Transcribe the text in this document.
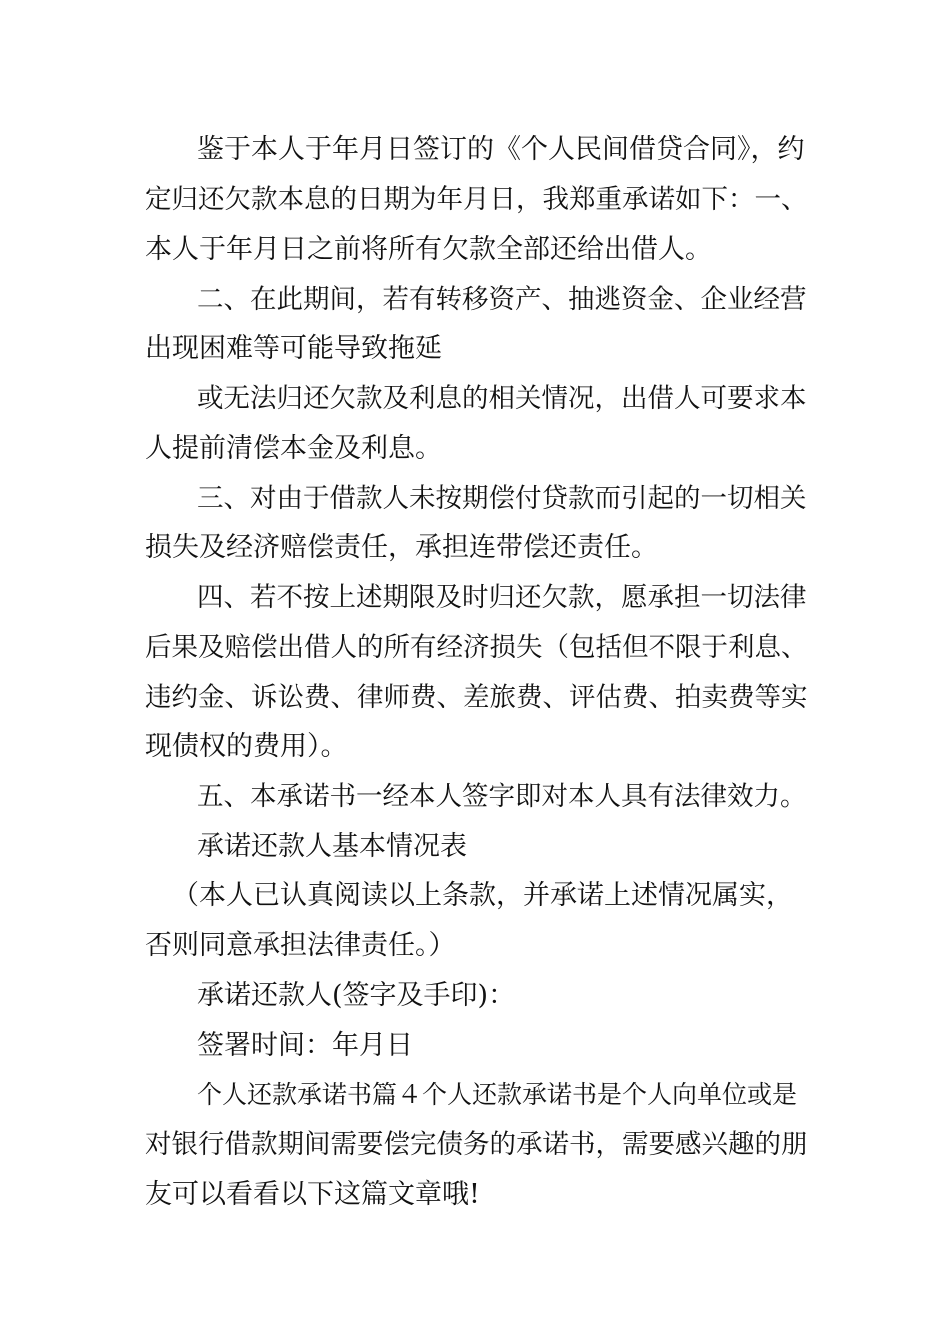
鉴于本人于年月日签订的《个人民间借贷合同》，约
定归还欠款本息的日期为年月日，我郑重承诺如下：一、
本人于年月日之前将所有欠款全部还给出借人。
二、在此期间，若有转移资产、抽逃资金、企业经营
出现困难等可能导致拖延
或无法归还欠款及利息的相关情况，出借人可要求本
人提前清偿本金及利息。
三、对由于借款人未按期偿付贷款而引起的一切相关
损失及经济赔偿责任，承担连带偿还责任。
四、若不按上述期限及时归还欠款，愿承担一切法律
后果及赔偿出借人的所有经济损失（包括但不限于利息、
违约金、诉讼费、律师费、差旅费、评估费、拍卖费等实
现债权的费用）。
五、本承诺书一经本人签字即对本人具有法律效力。
承诺还款人基本情况表
（本人已认真阅读以上条款，并承诺上述情况属实，
否则同意承担法律责任。）
承诺还款人(签字及手印)：
签署时间：年月日
个人还款承诺书篇４个人还款承诺书是个人向单位或是
对银行借款期间需要偿完债务的承诺书，需要感兴趣的朋
友可以看看以下这篇文章哦!
